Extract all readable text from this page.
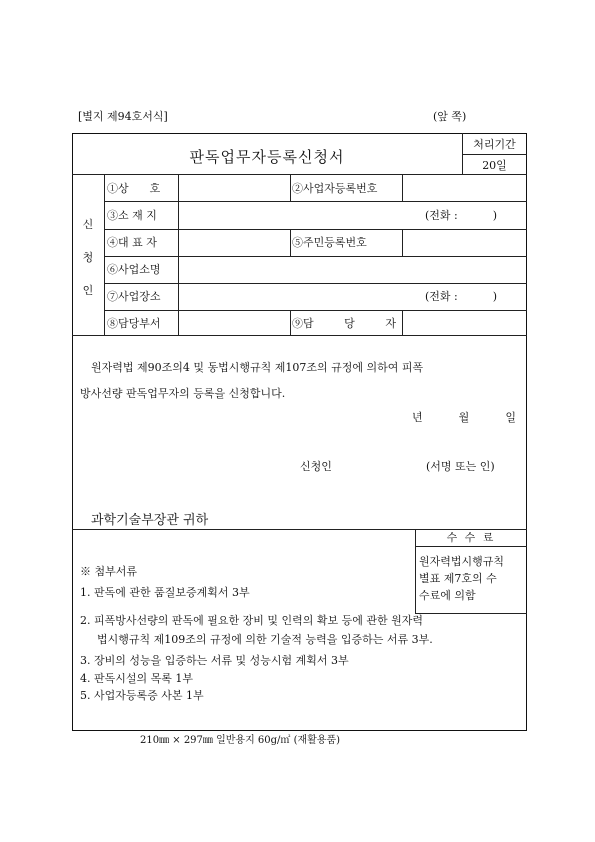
[별지 제94호서식]	(앞 쪽)
판독업무자등록신청서
처리기간
20일
신
청
인
①상      호	②사업자등록번호
③소 재 지	(전화 :          )
④대 표 자	⑤주민등록번호
⑥사업소명
⑦사업장소	(전화 :          )
⑧담당부서	⑨담	당	자
원자력법 제90조의4 및 동법시행규칙 제107조의 규정에 의하여 피폭
방사선량 판독업무자의 등록을 신청합니다.
년	월	일
신청인	(서명 또는 인)
과학기술부장관 귀하
수 수 료
원자력법시행규칙
별표 제7호의 수
수료에 의함
※ 첨부서류
1. 판독에 관한 품질보증계획서 3부
2. 피폭방사선량의 판독에 필요한 장비 및 인력의 확보 등에 관한 원자력
법시행규칙 제109조의 규정에 의한 기술적 능력을 입증하는 서류 3부.
3. 장비의 성능을 입증하는 서류 및 성능시험 계획서 3부
4. 판독시설의 목록 1부
5. 사업자등록증 사본 1부
210㎜ × 297㎜ 일반용지 60g/㎡ (재활용품)
